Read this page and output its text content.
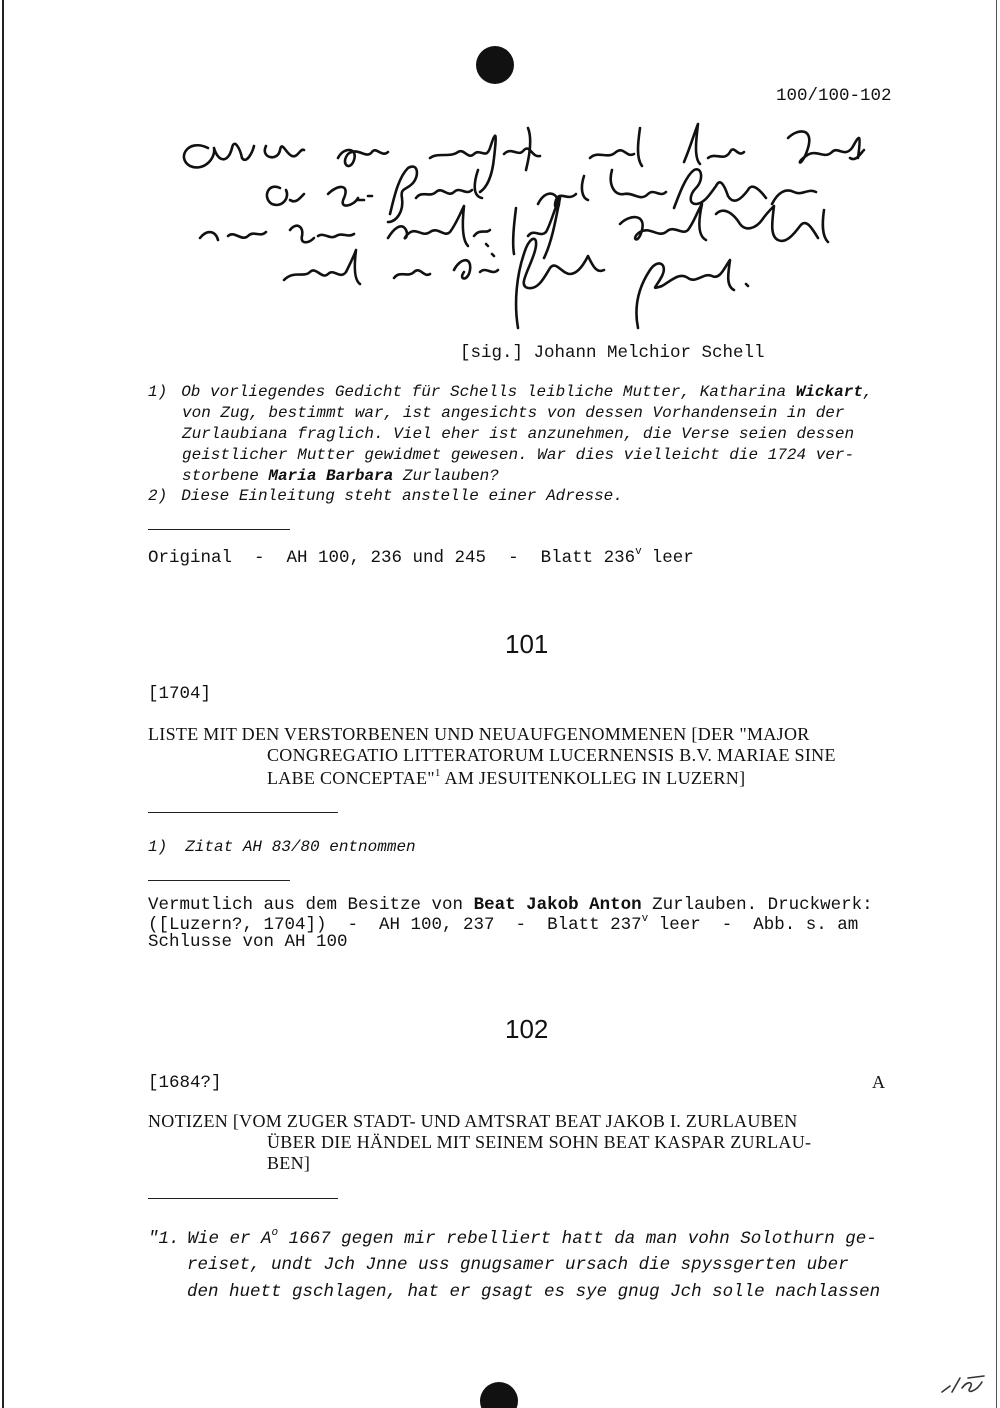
100/100-102
[sig.] Johann Melchior Schell
1) Ob vorliegendes Gedicht für Schells leibliche Mutter, Katharina Wickart,
von Zug, bestimmt war, ist angesichts von dessen Vorhandensein in der
Zurlaubiana fraglich. Viel eher ist anzunehmen, die Verse seien dessen
geistlicher Mutter gewidmet gewesen. War dies vielleicht die 1724 ver-
storbene Maria Barbara Zurlauben?
2) Diese Einleitung steht anstelle einer Adresse.
Original - AH 100, 236 und 245 - Blatt 236$^v$ leer
101
[1704]
LISTE MIT DEN VERSTORBENEN UND NEUAUFGENOMMENEN [DER "MAJOR
CONGREGATIO LITTERATORUM LUCERNENSIS B.V. MARIAE SINE
LABE CONCEPTAE"$^1$ AM JESUITENKOLLEG IN LUZERN]
1) Zitat AH 83/80 entnommen
Vermutlich aus dem Besitze von Beat Jakob Anton Zurlauben. Druckwerk:
([Luzern?, 1704])  -  AH 100, 237  -  Blatt 237$^v$ leer  -  Abb. s. am
Schlusse von AH 100
102
[1684?]	A
NOTIZEN [VOM ZUGER STADT- UND AMTSRAT BEAT JAKOB I. ZURLAUBEN
ÜBER DIE HÄNDEL MIT SEINEM SOHN BEAT KASPAR ZURLAU-
BEN]
"1. Wie er $A^o$ 1667 gegen mir rebelliert hatt da man vohn Solothurn ge-
reiset, undt Jch Jnne uss gnugsamer ursach die spyssgerten uber
den huett gschlagen, hat er gsagt es sye gnug Jch solle nachlassen
